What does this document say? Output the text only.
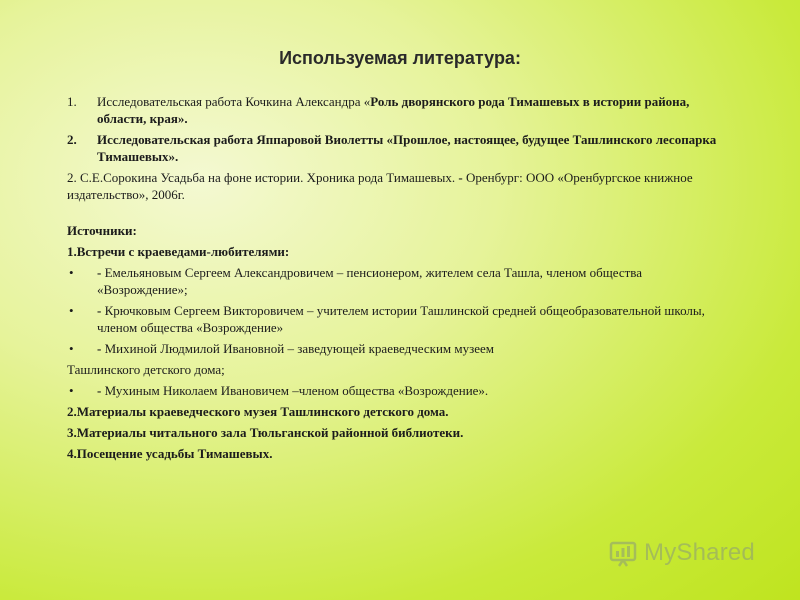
Используемая литература:
1. Исследовательская работа Кочкина Александра «Роль дворянского рода Тимашевых в истории района, области, края».
2. Исследовательская работа Яппаровой Виолетты «Прошлое, настоящее, будущее Ташлинского лесопарка Тимашевых».
2. С.Е.Сорокина Усадьба на фоне истории. Хроника рода Тимашевых. - Оренбург: ООО «Оренбургское книжное издательство», 2006г.
Источники:
1.Встречи с краеведами-любителями:
• - Емельяновым Сергеем Александровичем – пенсионером, жителем села Ташла, членом общества «Возрождение»;
• - Крючковым Сергеем Викторовичем – учителем истории Ташлинской средней общеобразовательной школы, членом общества «Возрождение»
• - Михиной Людмилой Ивановной – заведующей краеведческим музеем
Ташлинского детского дома;
• - Мухиным Николаем Ивановичем –членом общества «Возрождение».
2.Материалы краеведческого музея Ташлинского детского дома.
3.Материалы читального зала Тюльганской районной библиотеки.
4.Посещение усадьбы Тимашевых.
MyShared
